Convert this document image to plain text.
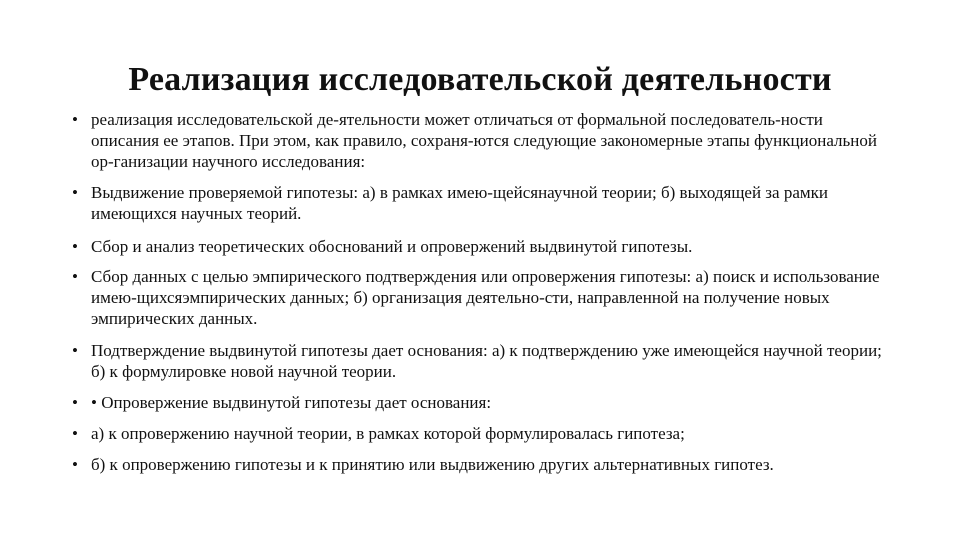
Реализация исследовательской деятельности
• реализация исследовательской де-ятельности может отличаться от формальной последователь-ности описания ее этапов. При этом, как правило, сохраня-ются следующие закономерные этапы функциональной ор-ганизации научного исследования:
• Выдвижение проверяемой гипотезы: а) в рамках имею-щейсянаучной теории; б) выходящей за рамки имеющихся научных теорий.
• Сбор и анализ теоретических обоснований и опровержений выдвинутой гипотезы.
• Сбор данных с целью эмпирического подтверждения или опровержения гипотезы: а) поиск и использование имею-щихсяэмпирических данных; б) организация деятельно-сти, направленной на получение новых эмпирических данных.
• Подтверждение выдвинутой гипотезы дает основания: а) к подтверждению уже имеющейся научной теории; б) к формулировке новой научной теории.
• • Опровержение выдвинутой гипотезы дает основания:
• а) к опровержению научной теории, в рамках которой формулировалась гипотеза;
• б) к опровержению гипотезы и к принятию или выдвижению других альтернативных гипотез.
